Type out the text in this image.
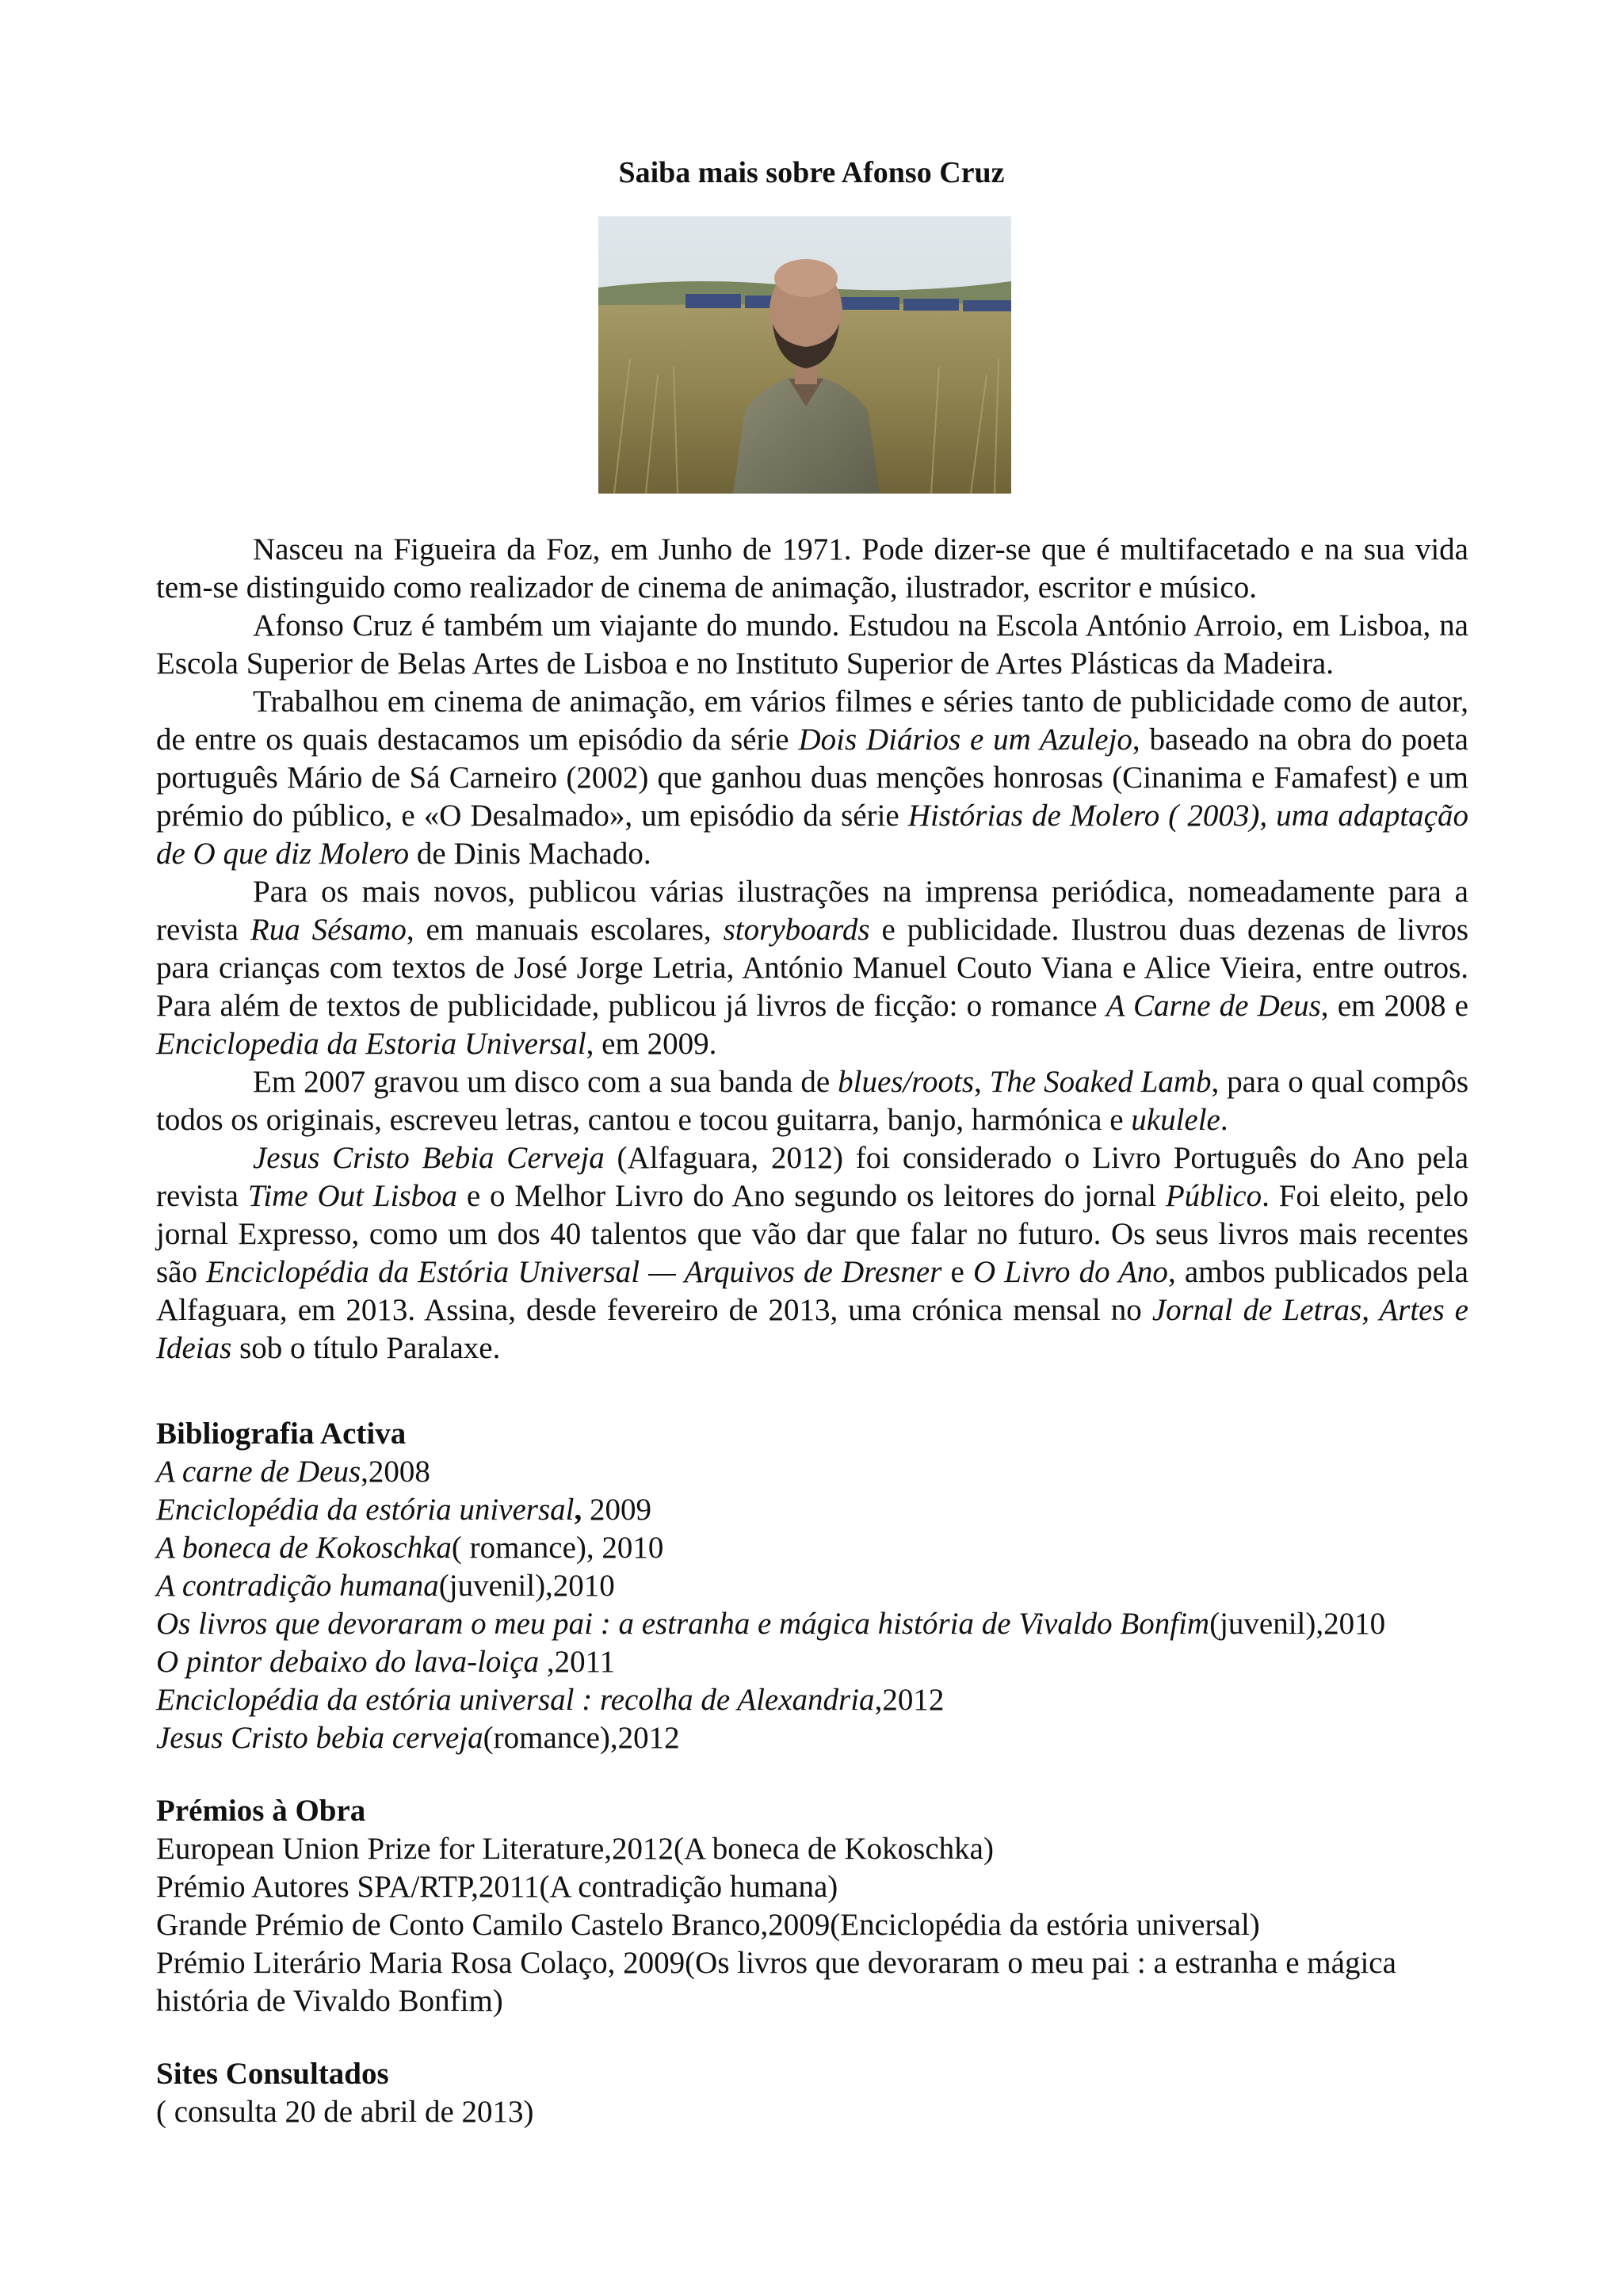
Saiba mais sobre Afonso Cruz

Nasceu na Figueira da Foz, em Junho de 1971. Pode dizer-se que é multifacetado e na sua vida tem-se distinguido como realizador de cinema de animação, ilustrador, escritor e músico.

Afonso Cruz é também um viajante do mundo. Estudou na Escola António Arroio, em Lisboa, na Escola Superior de Belas Artes de Lisboa e no Instituto Superior de Artes Plásticas da Madeira.

Trabalhou em cinema de animação, em vários filmes e séries tanto de publicidade como de autor, de entre os quais destacamos um episódio da série Dois Diários e um Azulejo, baseado na obra do poeta português Mário de Sá Carneiro (2002) que ganhou duas menções honrosas (Cinanima e Famafest) e um prémio do público, e «O Desalmado», um episódio da série Histórias de Molero ( 2003), uma adaptação de O que diz Molero de Dinis Machado.

Para os mais novos, publicou várias ilustrações na imprensa periódica, nomeadamente para a revista Rua Sésamo, em manuais escolares, storyboards e publicidade. Ilustrou duas dezenas de livros para crianças com textos de José Jorge Letria, António Manuel Couto Viana e Alice Vieira, entre outros. Para além de textos de publicidade, publicou já livros de ficção: o romance A Carne de Deus, em 2008 e Enciclopedia da Estoria Universal, em 2009.

Em 2007 gravou um disco com a sua banda de blues/roots, The Soaked Lamb, para o qual compôs todos os originais, escreveu letras, cantou e tocou guitarra, banjo, harmónica e ukulele.

Jesus Cristo Bebia Cerveja (Alfaguara, 2012) foi considerado o Livro Português do Ano pela revista Time Out Lisboa e o Melhor Livro do Ano segundo os leitores do jornal Público. Foi eleito, pelo jornal Expresso, como um dos 40 talentos que vão dar que falar no futuro. Os seus livros mais recentes são Enciclopédia da Estória Universal — Arquivos de Dresner e O Livro do Ano, ambos publicados pela Alfaguara, em 2013. Assina, desde fevereiro de 2013, uma crónica mensal no Jornal de Letras, Artes e Ideias sob o título Paralaxe.

Bibliografia Activa
A carne de Deus,2008
Enciclopédia da estória universal, 2009
A boneca de Kokoschka( romance), 2010
A contradição humana(juvenil),2010
Os livros que devoraram o meu pai : a estranha e mágica história de Vivaldo Bonfim(juvenil),2010
O pintor debaixo do lava-loiça ,2011
Enciclopédia da estória universal : recolha de Alexandria,2012
Jesus Cristo bebia cerveja(romance),2012
Prémios à Obra
European Union Prize for Literature,2012(A boneca de Kokoschka)
Prémio Autores SPA/RTP,2011(A contradição humana)
Grande Prémio de Conto Camilo Castelo Branco,2009(Enciclopédia da estória universal)
Prémio Literário Maria Rosa Colaço, 2009(Os livros que devoraram o meu pai : a estranha e mágica história de Vivaldo Bonfim)
Sites Consultados
( consulta 20 de abril de 2013)
